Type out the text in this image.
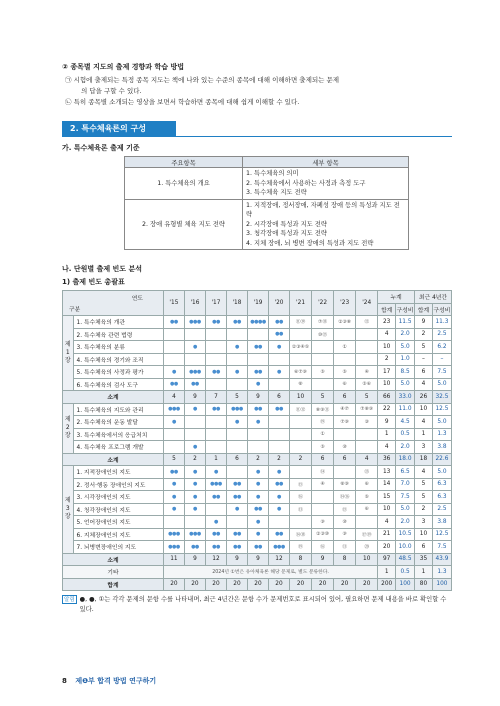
② 종목별 지도의 출제 경향과 학습 방법
㉠ 시험에 출제되는 특정 종목 지도는 책에 나와 있는 수준의 종목에 대해 이해하면 출제되는 문제
의 답을 구할 수 있다.
㉡ 특히 종목별 소개되는 영상을 보면서 학습하면 종목에 대해 쉽게 이해할 수 있다.
2. 특수체육론의 구성
가. 특수체육론 출제 기준
주요항목	세부 항목
1. 특수체육의 개요	1. 특수체육의 의미
2. 특수체육에서 사용하는 사정과 측정 도구
3. 특수체육 지도 전략

2. 장애 유형별 체육 지도 전략	1. 지적장애, 정서장애, 자폐성 장애 등의 특성과 지도 전략
2. 시각장애 특성과 지도 전략
3. 청각장애 특성과 지도 전략
4. 지체 장애, 뇌 병변 장애의 특성과 지도 전략
나. 단원별 출제 빈도 분석
1) 출제 빈도 총괄표
연도
구분		'15	'16	'17	'18	'19	'20	'21	'22	'23	'24	누계		최근 4년간	
												합계	구성비	합계	구성비
제 1 장	1. 특수체육의 개관	●●	●●●	●●	●●	●●●●	●●	⑪⑲	⑦⑱	②③⑧	⑫	23	11.5	9	11.3
	2. 특수체육 관련 법령						●●		⑩⑮			4	2.0	2	2.5
	3. 특수체육의 분류		●		●	●●	●	②③④⑤		①		10	5.0	5	6.2
	4. 특수체육의 경기와 조직											2	1.0	–	–
	5. 특수체육의 사정과 평가	●	●●●	●●	●	●●	●	⑥⑦⑨	⑤	⑤	④	17	8.5	6	7.5
	6. 특수체육의 검사 도구	●●	●●			●		⑧		⑥	⑤⑥	10	5.0	4	5.0
소계		4	9	7	5	9	6	10	5	6	5	66	33.0	26	32.5
제 2 장	1. 특수체육의 지도와 관리	●●●	●	●●	●●●	●●	●●	⑪⑫	⑧⑨⑪	④⑦	⑦⑧⑨	22	11.0	10	12.5
	2. 특수체육의 운동 발달	●			●	●			⑲	⑦⑨	③	9	4.5	4	5.0
	3. 특수체육에서의 응급처치								①			1	0.5	1	1.3
	4. 특수체육 프로그램 개발		●						⑤	⑩		4	2.0	3	3.8
소계		5	2	1	6	2	2	2	6	6	4	36	18.0	18	22.6
제 3 장	1. 지적장애인의 지도	●●	●	●		●	●		⑭		⑬	13	6.5	4	5.0
	2. 정서·행동 장애인의 지도	●	●	●●●	●●	●	●●	⑮	④	⑧⑨	⑥	14	7.0	5	6.3
	3. 시각장애인의 지도	●	●	●●	●●	●	●	⑯		⑭⑯	⑤	15	7.5	5	6.3
	4. 청각장애인의 지도	●	●		●	●●	●	⑬		⑮	⑥	10	5.0	2	2.5
	5. 언어장애인의 지도			●		●			⑨	⑩		4	2.0	3	3.8
	6. 지체장애인의 지도	●●●	●●●	●●	●●	●	●●	⑭⑱	②③⑩	⑨	⑰⑲	21	10.5	10	12.5
	7. 뇌병변장애인의 지도	●●●	●●	●●	●●	●●	●●●	⑲	⑯	⑪	⑳	20	10.0	6	7.5
소계		11	9	12	9	9	12	8	9	8	10	97	48.5	35	43.9
기타		2024년 ①번은 유아체육론 해당 문제로, 별도 분류한다.										1	0.5	1	1.3
합계		20	20	20	20	20	20	20	20	20	20	200	100	80	100
알림 ●, ●, ①는 각각 문제의 문항 수를 나타내며, 최근 4년간은 문항 수가 문제번호로 표시되어 있어, 필요하면 문제 내용을 바로 확인할 수 있다.
8 제❶부 합격 방법 연구하기
